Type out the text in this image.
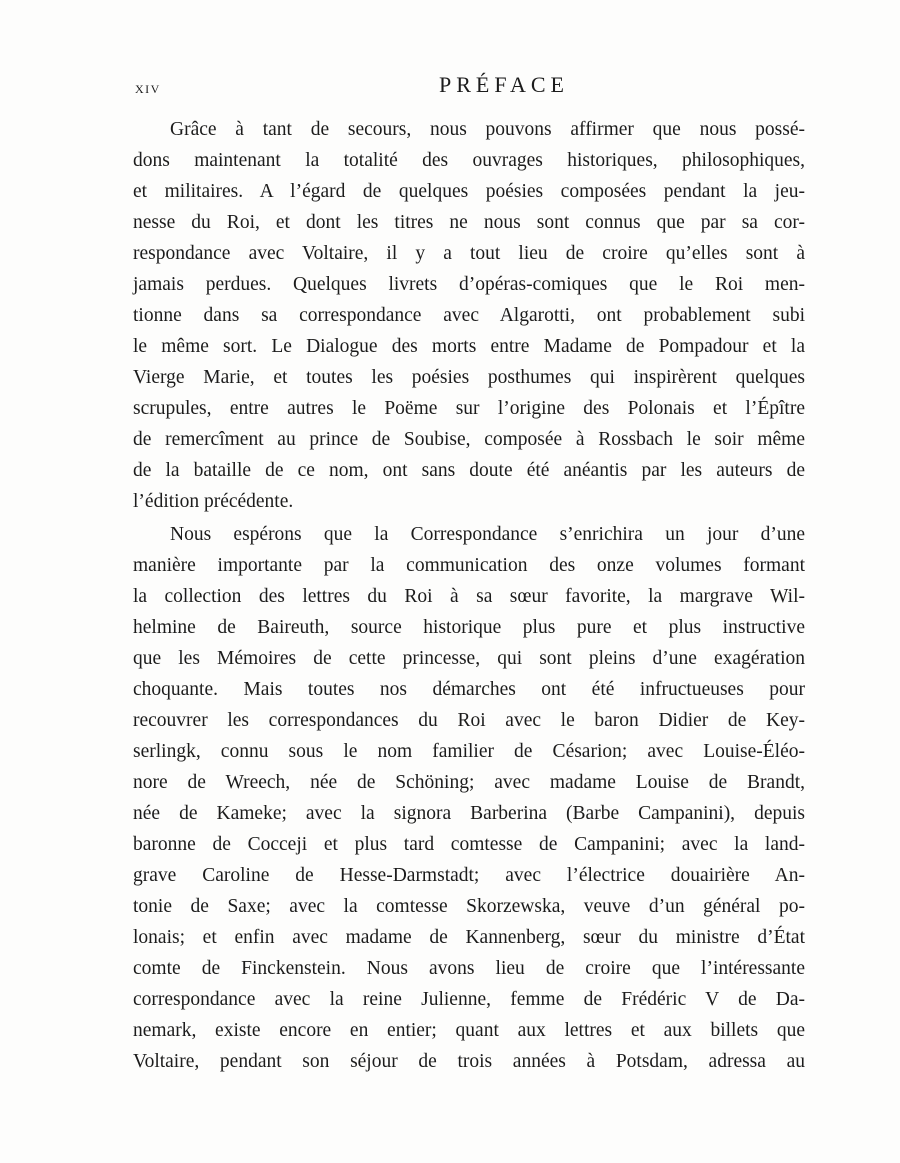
xiv	PRÉFACE
Grâce à tant de secours, nous pouvons affirmer que nous possé-
dons maintenant la totalité des ouvrages historiques, philosophiques,
et militaires. A l’égard de quelques poésies composées pendant la jeu-
nesse du Roi, et dont les titres ne nous sont connus que par sa cor-
respondance avec Voltaire, il y a tout lieu de croire qu’elles sont à
jamais perdues. Quelques livrets d’opéras-comiques que le Roi men-
tionne dans sa correspondance avec Algarotti, ont probablement subi
le même sort. Le Dialogue des morts entre Madame de Pompadour et la
Vierge Marie, et toutes les poésies posthumes qui inspirèrent quelques
scrupules, entre autres le Poëme sur l’origine des Polonais et l’Épître
de remercîment au prince de Soubise, composée à Rossbach le soir même
de la bataille de ce nom, ont sans doute été anéantis par les auteurs de
l’édition précédente.
Nous espérons que la Correspondance s’enrichira un jour d’une
manière importante par la communication des onze volumes formant
la collection des lettres du Roi à sa sœur favorite, la margrave Wil-
helmine de Baireuth, source historique plus pure et plus instructive
que les Mémoires de cette princesse, qui sont pleins d’une exagération
choquante. Mais toutes nos démarches ont été infructueuses pour
recouvrer les correspondances du Roi avec le baron Didier de Key-
serlingk, connu sous le nom familier de Césarion; avec Louise-Éléo-
nore de Wreech, née de Schöning; avec madame Louise de Brandt,
née de Kameke; avec la signora Barberina (Barbe Campanini), depuis
baronne de Cocceji et plus tard comtesse de Campanini; avec la land-
grave Caroline de Hesse-Darmstadt; avec l’électrice douairière An-
tonie de Saxe; avec la comtesse Skorzewska, veuve d’un général po-
lonais; et enfin avec madame de Kannenberg, sœur du ministre d’État
comte de Finckenstein. Nous avons lieu de croire que l’intéressante
correspondance avec la reine Julienne, femme de Frédéric V de Da-
nemark, existe encore en entier; quant aux lettres et aux billets que
Voltaire, pendant son séjour de trois années à Potsdam, adressa au
